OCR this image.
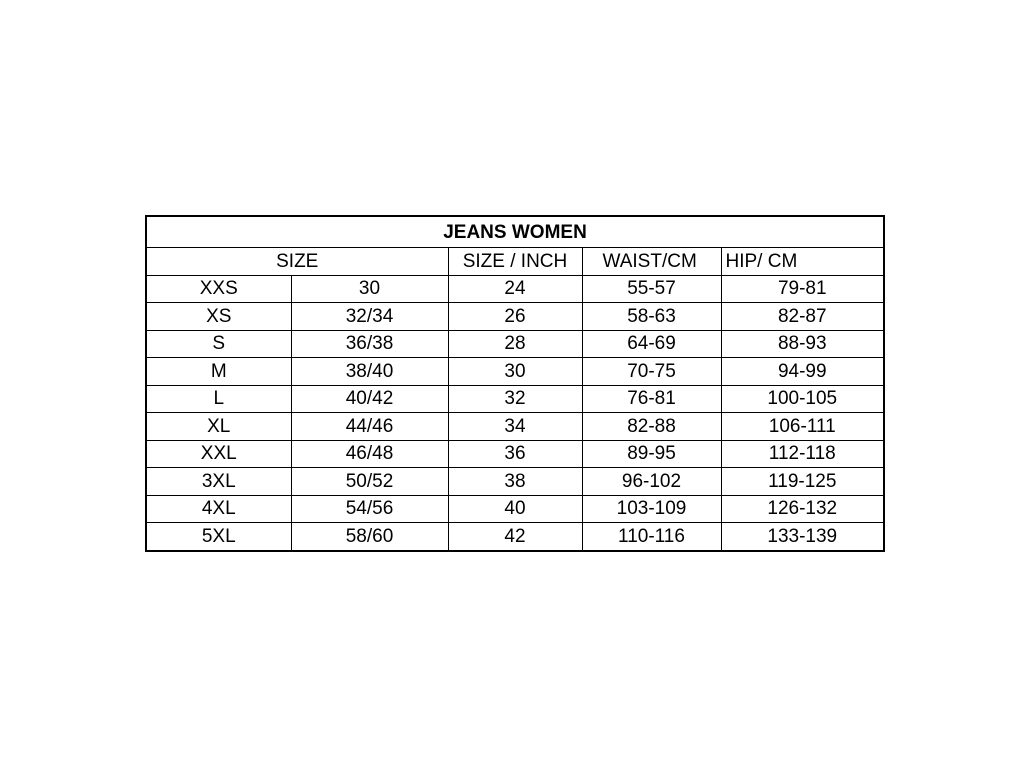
JEANS WOMEN				
SIZE		SIZE / INCH	WAIST/CM	HIP/ CM
XXS	30	24	55-57	79-81
XS	32/34	26	58-63	82-87
S	36/38	28	64-69	88-93
M	38/40	30	70-75	94-99
L	40/42	32	76-81	100-105
XL	44/46	34	82-88	106-111
XXL	46/48	36	89-95	112-118
3XL	50/52	38	96-102	119-125
4XL	54/56	40	103-109	126-132
5XL	58/60	42	110-116	133-139
